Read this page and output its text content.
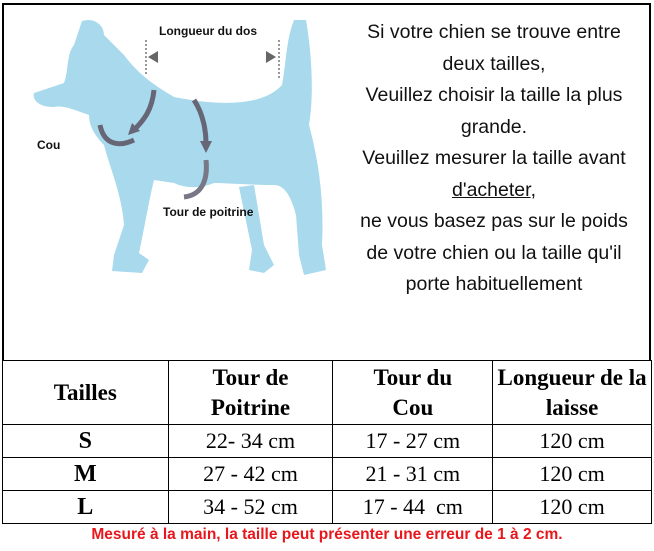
Longueur du dos
Cou
Tour de poitrine
Si votre chien se trouve entre
deux tailles,
Veuillez choisir la taille la plus
grande.
Veuillez mesurer la taille avant
d'acheter,
ne vous basez pas sur le poids
de votre chien ou la taille qu'il
porte habituellement
Tailles	Tour de Poitrine	Tour du Cou	Longueur de la laisse
S	22- 34 cm	17 - 27 cm	120 cm
M	27 - 42 cm	21 - 31 cm	120 cm
L	34 - 52 cm	17 - 44  cm	120 cm
Mesuré à la main, la taille peut présenter une erreur de 1 à 2 cm.
